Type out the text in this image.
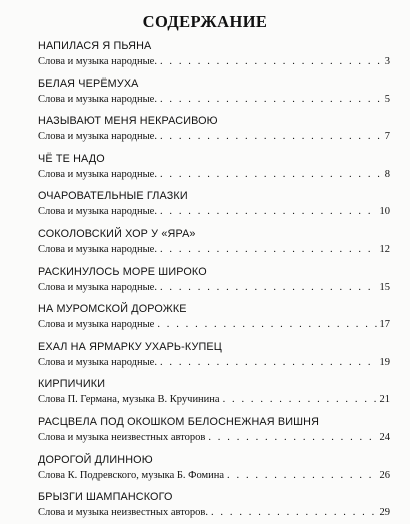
СОДЕРЖАНИЕ
НАПИЛАСЯ Я ПЬЯНА
Слова и музыка народные. . . .	3
БЕЛАЯ ЧЕРЁМУХА
Слова и музыка народные. . . .	5
НАЗЫВАЮТ МЕНЯ НЕКРАСИВОЮ
Слова и музыка народные. . . .	7
ЧЁ ТЕ НАДО
Слова и музыка народные. . . .	8
ОЧАРОВАТЕЛЬНЫЕ ГЛАЗКИ
Слова и музыка народные. . . .	10
СОКОЛОВСКИЙ ХОР У «ЯРА»
Слова и музыка народные. . . .	12
РАСКИНУЛОСЬ МОРЕ ШИРОКО
Слова и музыка народные. . . .	15
НА МУРОМСКОЙ ДОРОЖКЕ
Слова и музыка народные . . .	17
ЕХАЛ НА ЯРМАРКУ УХАРЬ-КУПЕЦ
Слова и музыка народные. . . .	19
КИРПИЧИКИ
Слова П. Германа, музыка В. Кручинина . . .	21
РАСЦВЕЛА ПОД ОКОШКОМ БЕЛОСНЕЖНАЯ ВИШНЯ
Слова и музыка неизвестных авторов . . .	24
ДОРОГОЙ ДЛИННОЮ
Слова К. Подревского, музыка Б. Фомина . . .	26
БРЫЗГИ ШАМПАНСКОГО
Слова и музыка неизвестных авторов. . . .	29
